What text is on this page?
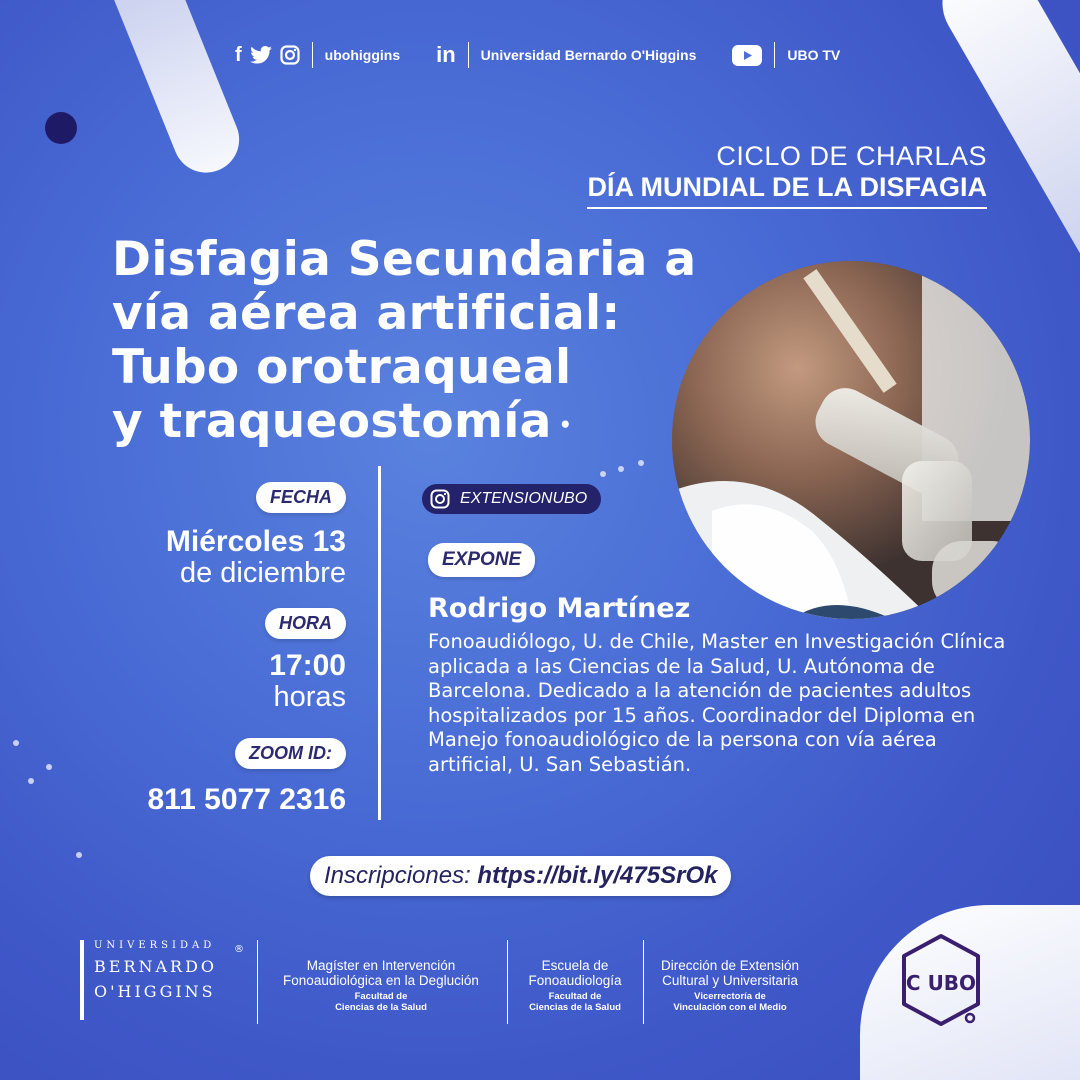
f	ubohiggins in Universidad Bernardo O'Higgins	UBO TV
CICLO DE CHARLAS
DÍA MUNDIAL DE LA DISFAGIA
Disfagia Secundaria a
vía aérea artificial:
Tubo orotraqueal
y traqueostomía •
FECHA
Miércoles 13
de diciembre
HORA
17:00
horas
ZOOM ID:
811 5077 2316
EXTENSIONUBO
EXPONE
Rodrigo Martínez
Fonoaudiólogo, U. de Chile, Master en Investigación Clínica aplicada a las Ciencias de la Salud, U. Autónoma de Barcelona. Dedicado a la atención de pacientes adultos hospitalizados por 15 años. Coordinador del Diploma en Manejo fonoaudiológico de la persona con vía aérea artificial, U. San Sebastián.
Inscripciones: https://bit.ly/475SrOk
UNIVERSIDAD
BERNARDO
O'HIGGINS
®
Magíster en Intervención
Fonoaudiológica en la Deglución
Facultad de
Ciencias de la Salud
Escuela de
Fonoaudiología
Facultad de
Ciencias de la Salud
Dirección de Extensión
Cultural y Universitaria
Vicerrectoría de
Vinculación con el Medio
C UBO
